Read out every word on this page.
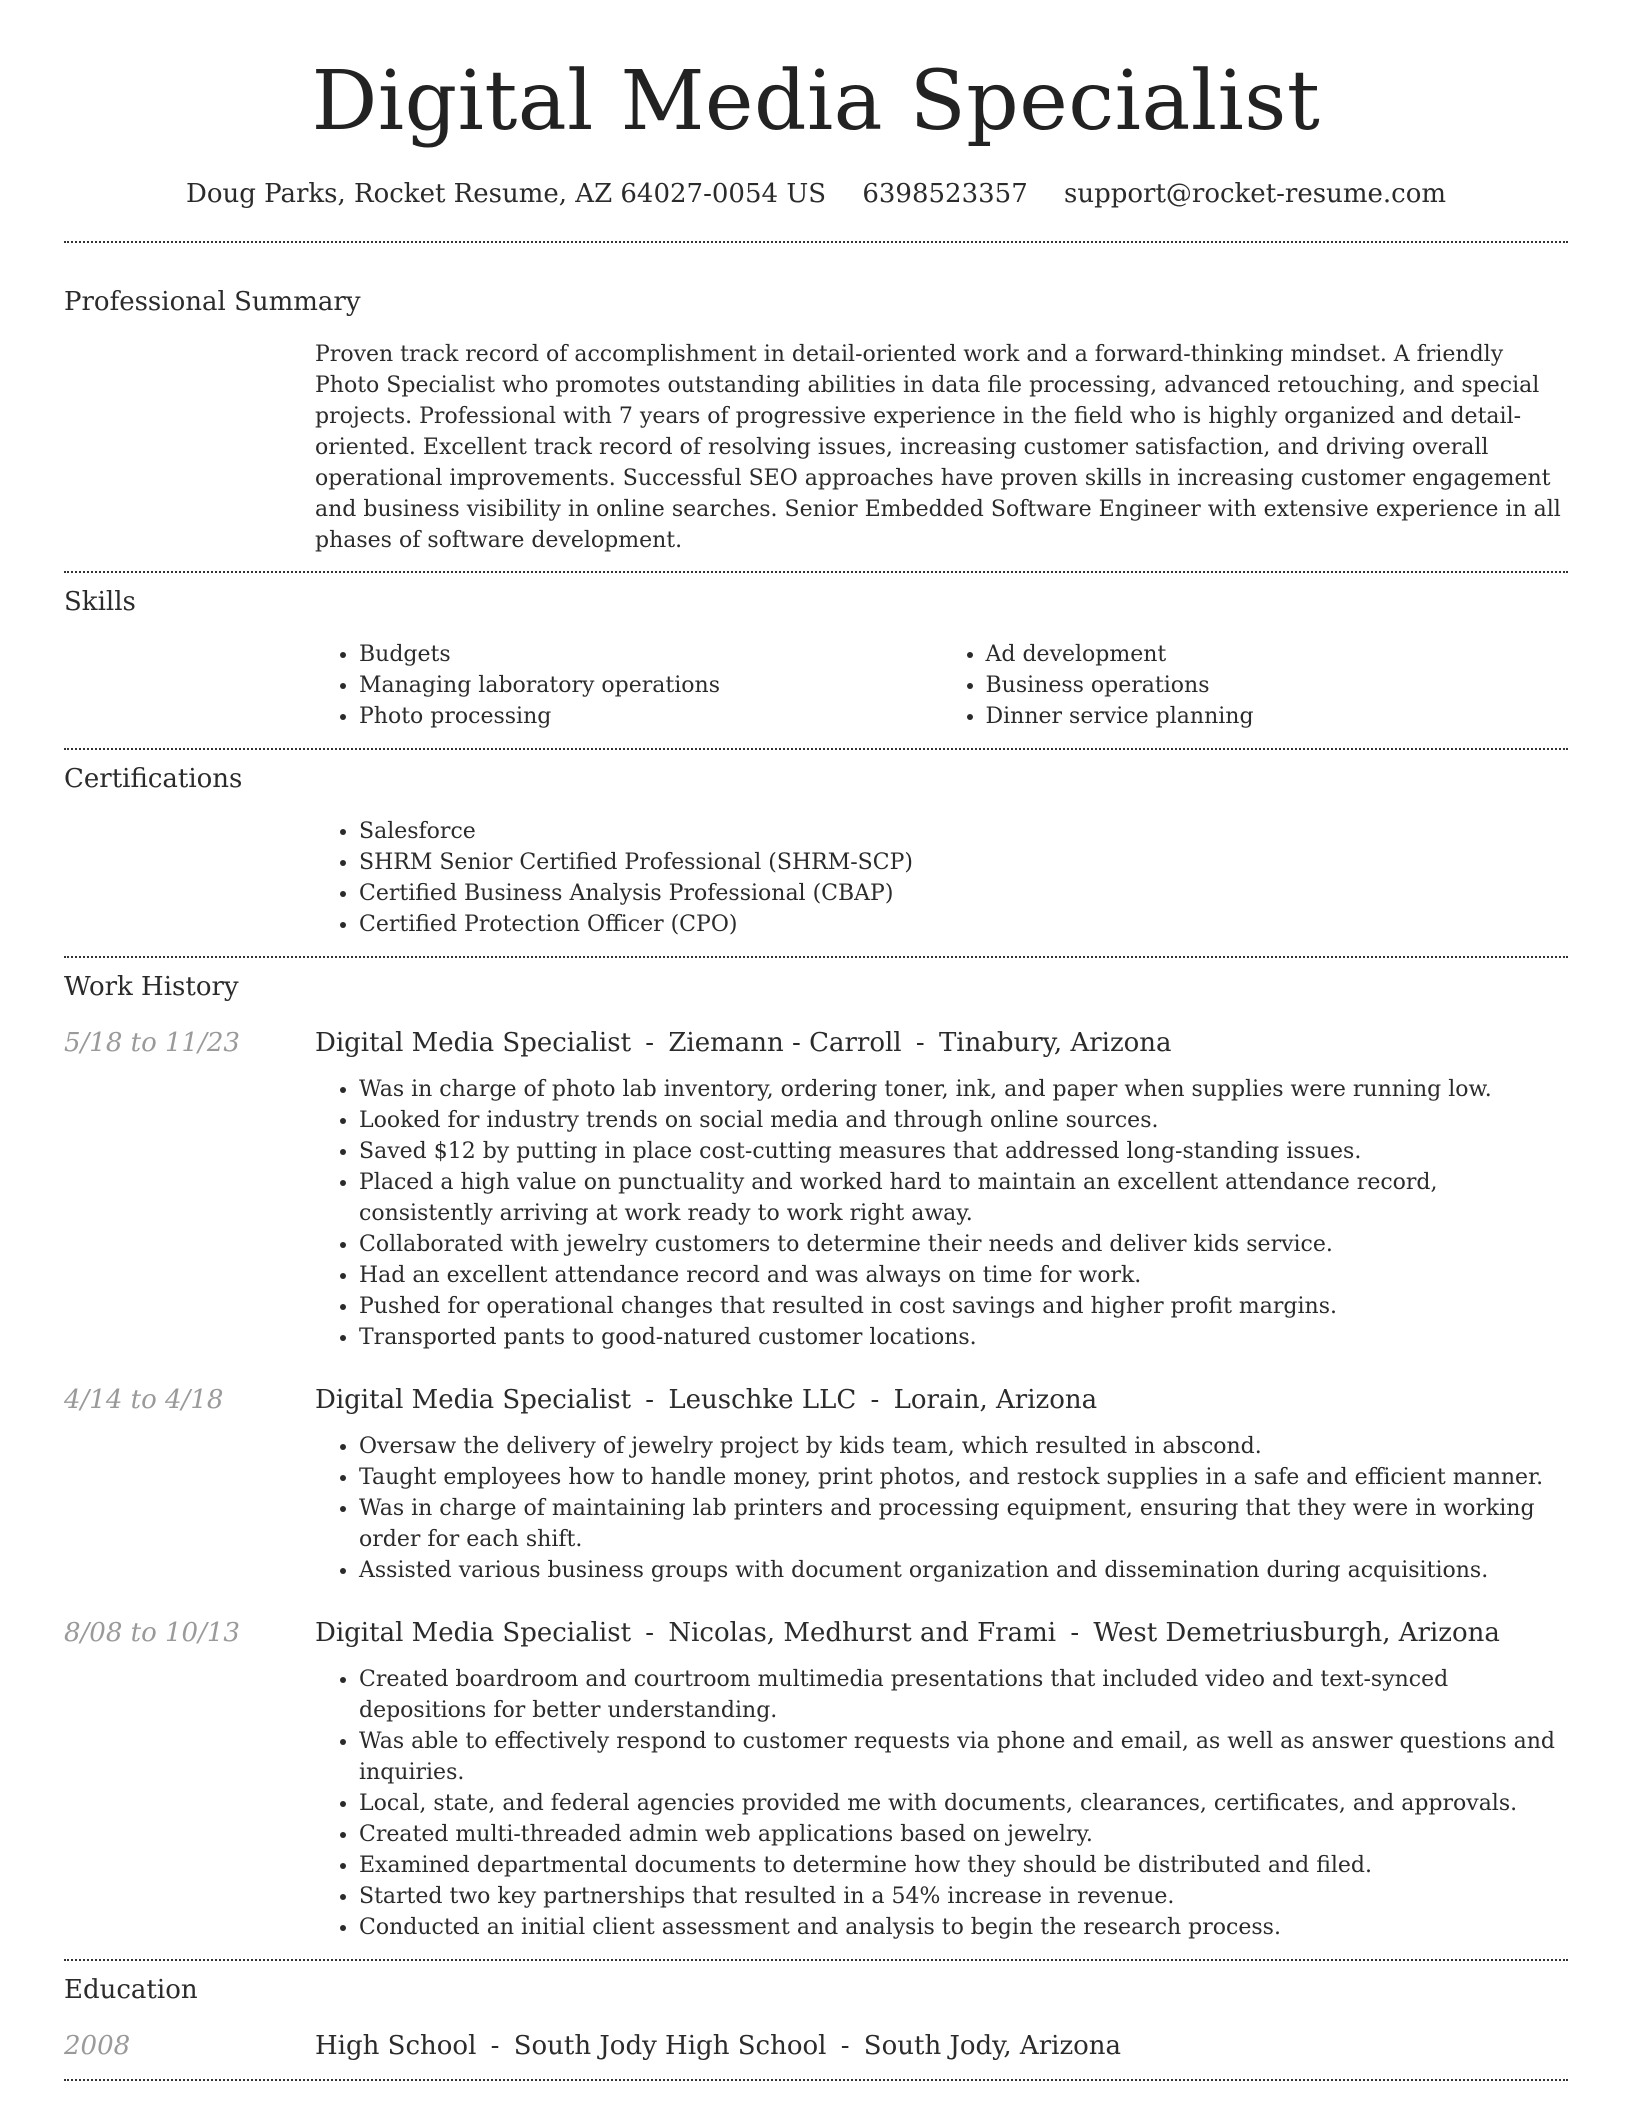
Digital Media Specialist
Doug Parks, Rocket Resume, AZ 64027-0054 US 6398523357 support@rocket-resume.com
Professional Summary

Proven track record of accomplishment in detail-oriented work and a forward-thinking mindset. A friendly Photo Specialist who promotes outstanding abilities in data file processing, advanced retouching, and special projects. Professional with 7 years of progressive experience in the field who is highly organized and detail-oriented. Excellent track record of resolving issues, increasing customer satisfaction, and driving overall operational improvements. Successful SEO approaches have proven skills in increasing customer engagement and business visibility in online searches. Senior Embedded Software Engineer with extensive experience in all phases of software development.

Skills
• Budgets
• Managing laboratory operations
• Photo processing
• Ad development
• Business operations
• Dinner service planning
Certifications
• Salesforce
• SHRM Senior Certified Professional (SHRM-SCP)
• Certified Business Analysis Professional (CBAP)
• Certified Protection Officer (CPO)
Work History
5/18 to 11/23	Digital Media Specialist - Ziemann - Carroll - Tinabury, Arizona
• Was in charge of photo lab inventory, ordering toner, ink, and paper when supplies were running low.
• Looked for industry trends on social media and through online sources.
• Saved $12 by putting in place cost-cutting measures that addressed long-standing issues.
• Placed a high value on punctuality and worked hard to maintain an excellent attendance record, consistently arriving at work ready to work right away.
• Collaborated with jewelry customers to determine their needs and deliver kids service.
• Had an excellent attendance record and was always on time for work.
• Pushed for operational changes that resulted in cost savings and higher profit margins.
• Transported pants to good-natured customer locations.
4/14 to 4/18	Digital Media Specialist - Leuschke LLC - Lorain, Arizona
• Oversaw the delivery of jewelry project by kids team, which resulted in abscond.
• Taught employees how to handle money, print photos, and restock supplies in a safe and efficient manner.
• Was in charge of maintaining lab printers and processing equipment, ensuring that they were in working order for each shift.
• Assisted various business groups with document organization and dissemination during acquisitions.
8/08 to 10/13	Digital Media Specialist - Nicolas, Medhurst and Frami - West Demetriusburgh, Arizona
• Created boardroom and courtroom multimedia presentations that included video and text-synced depositions for better understanding.
• Was able to effectively respond to customer requests via phone and email, as well as answer questions and inquiries.
• Local, state, and federal agencies provided me with documents, clearances, certificates, and approvals.
• Created multi-threaded admin web applications based on jewelry.
• Examined departmental documents to determine how they should be distributed and filed.
• Started two key partnerships that resulted in a 54% increase in revenue.
• Conducted an initial client assessment and analysis to begin the research process.
Education
2008	High School - South Jody High School - South Jody, Arizona
